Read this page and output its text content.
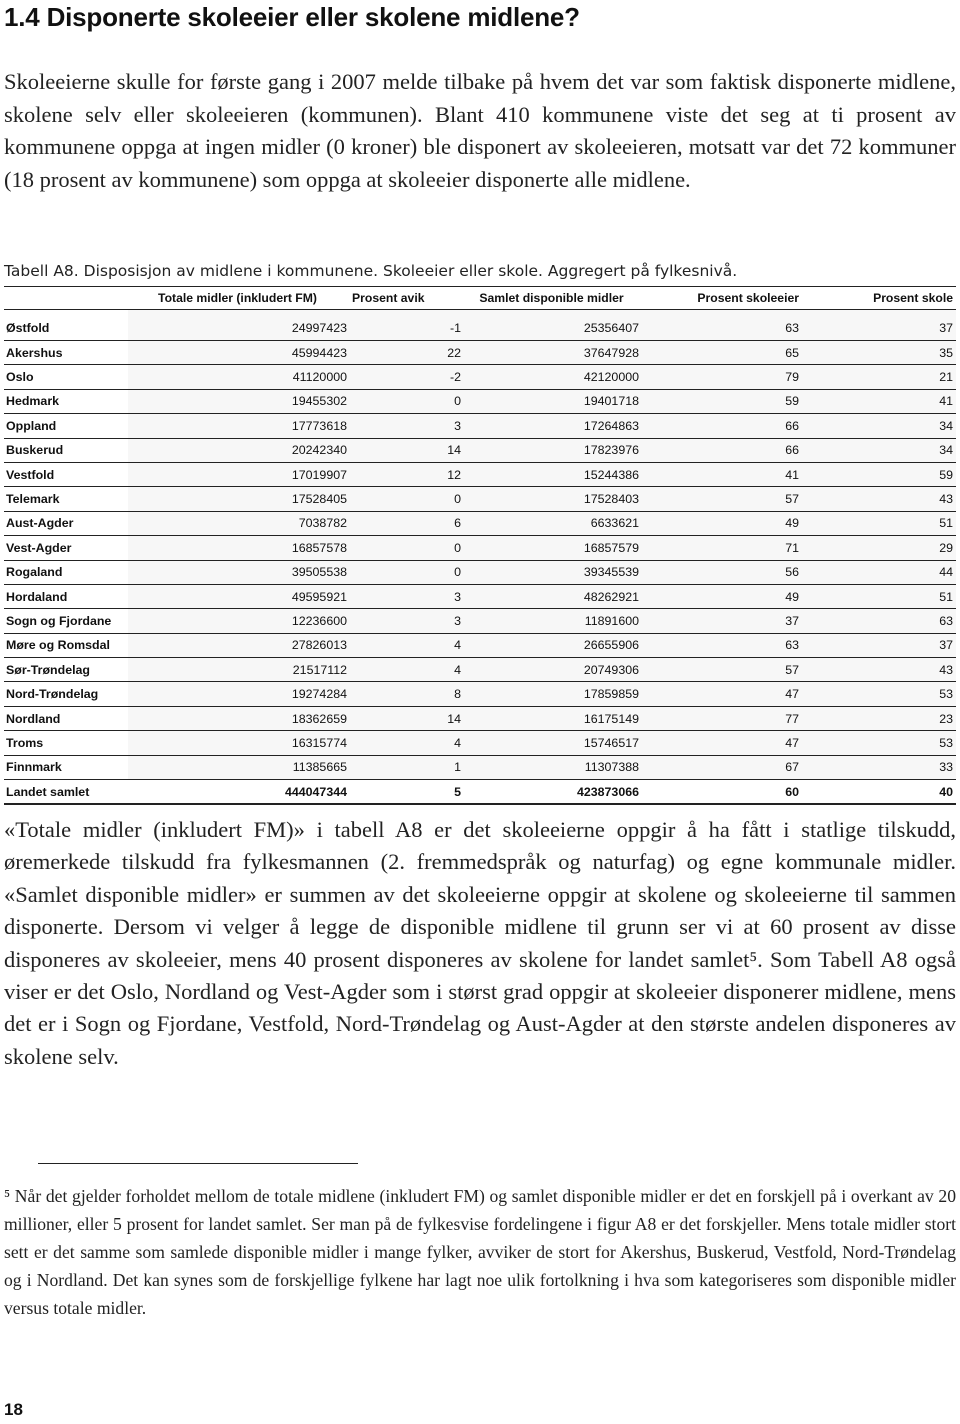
1.4 Disponerte skoleeier eller skolene midlene?

Skoleeierne skulle for første gang i 2007 melde tilbake på hvem det var som faktisk disponerte midlene, skolene selv eller skoleeieren (kommunen). Blant 410 kommunene viste det seg at ti prosent av kommunene oppga at ingen midler (0 kroner) ble disponert av skoleeieren, motsatt var det 72 kommuner (18 prosent av kommunene) som oppga at skoleeier disponerte alle midlene.

Tabell A8. Disposisjon av midlene i kommunene. Skoleeier eller skole. Aggregert på fylkesnivå.

	Totale midler (inkludert FM)	Prosent avik	Samlet disponible midler	Prosent skoleeier	Prosent skole
Østfold	24997423	-1	25356407	63	37
Akershus	45994423	22	37647928	65	35
Oslo	41120000	-2	42120000	79	21
Hedmark	19455302	0	19401718	59	41
Oppland	17773618	3	17264863	66	34
Buskerud	20242340	14	17823976	66	34
Vestfold	17019907	12	15244386	41	59
Telemark	17528405	0	17528403	57	43
Aust-Agder	7038782	6	6633621	49	51
Vest-Agder	16857578	0	16857579	71	29
Rogaland	39505538	0	39345539	56	44
Hordaland	49595921	3	48262921	49	51
Sogn og Fjordane	12236600	3	11891600	37	63
Møre og Romsdal	27826013	4	26655906	63	37
Sør-Trøndelag	21517112	4	20749306	57	43
Nord-Trøndelag	19274284	8	17859859	47	53
Nordland	18362659	14	16175149	77	23
Troms	16315774	4	15746517	47	53
Finnmark	11385665	1	11307388	67	33
Landet samlet	444047344	5	423873066	60	40

«Totale midler (inkludert FM)» i tabell A8 er det skoleeierne oppgir å ha fått i statlige tilskudd, øremerkede tilskudd fra fylkesmannen (2. fremmedspråk og naturfag) og egne kommunale midler. «Samlet disponible midler» er summen av det skoleeierne oppgir at skolene og skoleeierne til sammen disponerte. Dersom vi velger å legge de disponible midlene til grunn ser vi at 60 prosent av disse disponeres av skoleeier, mens 40 prosent disponeres av skolene for landet samlet⁵. Som Tabell A8 også viser er det Oslo, Nordland og Vest-Agder som i størst grad oppgir at skoleeier disponerer midlene, mens det er i Sogn og Fjordane, Vestfold, Nord-Trøndelag og Aust-Agder at den største andelen disponeres av skolene selv.

⁵ Når det gjelder forholdet mellom de totale midlene (inkludert FM) og samlet disponible midler er det en forskjell på i overkant av 20 millioner, eller 5 prosent for landet samlet. Ser man på de fylkesvise fordelingene i figur A8 er det forskjeller. Mens totale midler stort sett er det samme som samlede disponible midler i mange fylker, avviker de stort for Akershus, Buskerud, Vestfold, Nord-Trøndelag og i Nordland. Det kan synes som de forskjellige fylkene har lagt noe ulik fortolkning i hva som kategoriseres som disponible midler versus totale midler.

18
